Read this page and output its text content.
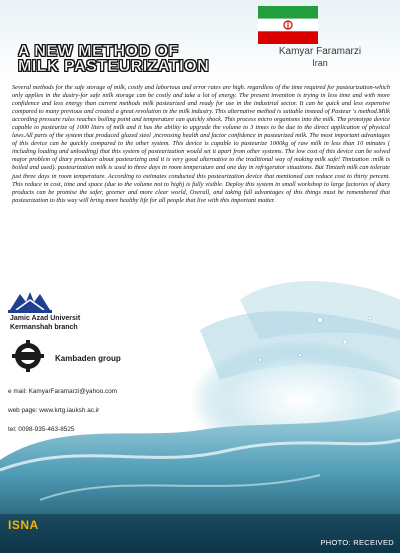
Kamyar Faramarzi
Iran
A NEW METHOD OF
MILK PASTEURIZATION
Several methods for the safe storage of milk, costly and laborious and error rates are high. regardless of the time required for pasteurization-which only applies in the dustry-for safe milk storage can be costly and take a lot of energy. The present invention is trying in less time and with more confidence and less energy than current methods milk pasteurized and ready for use in the industrial sector. It can be quick and less expensive compared to many previous and created a great revolution in the milk industry. This alternative method is suitable instead of Pasteur 's method.Milk according pressure rules reaches boiling point and temperature can quickly shock. This process micro organisms into the milk. The prototype device capable to pasteurize of 1000 liters of milk and it has the ability to upgrade the volume to 3 times to be due to the direct application of physical laws.All parts of the system that produced glazed steel ,increasing health and factor confidence in pasteurized milk. The most important advantages of this device can be quickly compared to the other system. This device is capable to pasteurize 1000kg of raw milk in less than 10 minutes ( including loading and unloading) that this system of pasteurization would set it apart from other systems. The low cost of this device can be solved major problem of diary producer about pasteurizing and it is very good alternative to the traditional way of making milk safe! Timization :milk is boiled and used). pasteurization milk is used to three days in room temperature and one day in refrigerator situations. But Timizeh milk can tolerate just three days in room temperature. According to estimates conducted this pasteurization device that mentioned can reduce cost to thirty percent. This reduce in cost, time and space (due to the volume not to high) is fully visible. Deploy this system in small workshop to large factories of diary products can be promise the safer, greener and more clear world, Overall, and taking full advantages of this things must be remembered that pasteurization to this way will bring more healthy life for all people that live with this important matter.
Jamic Azad Universit
Kermanshah branch
Kambaden group
e mail: KamyarFaramarzi@yahoo.com
web page: www.krtg.iauksh.ac.ir
tel: 0098-935-463-8525
ISNA
PHOTO: RECEIVED
